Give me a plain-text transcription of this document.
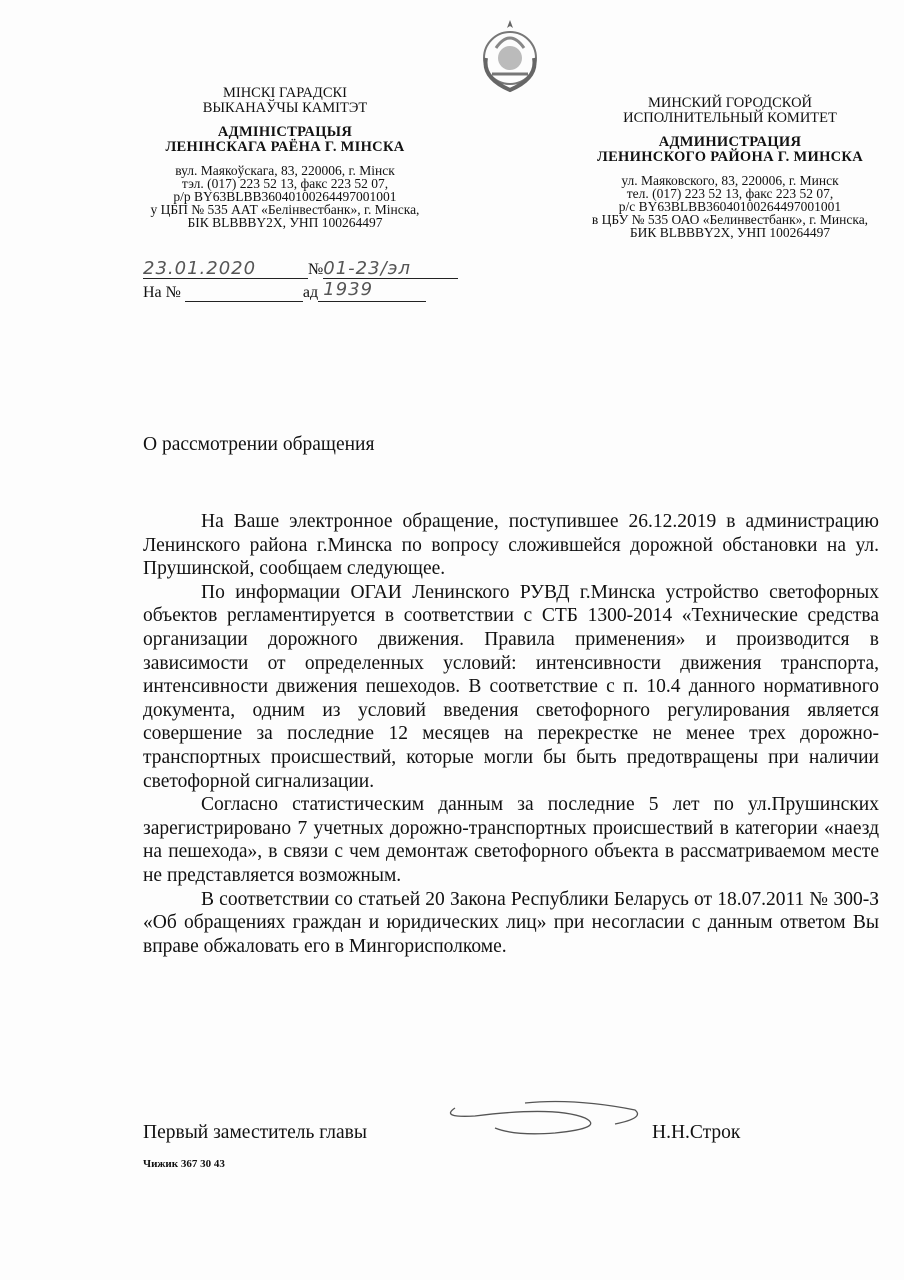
МІНСКІ ГАРАДСКІ
ВЫКАНАЎЧЫ КАМІТЭТ
АДМІНІСТРАЦЫЯ
ЛЕНІНСКАГА РАЁНА Г. МІНСКА
вул. Маякоўскага, 83, 220006, г. Мінск
тэл. (017) 223 52 13, факс 223 52 07,
р/р BY63BLBB36040100264497001001
у ЦБП № 535 ААТ «Белінвестбанк», г. Мінска,
БІК BLBBBY2X, УНП 100264497
МИНСКИЙ ГОРОДСКОЙ
ИСПОЛНИТЕЛЬНЫЙ КОМИТЕТ
АДМИНИСТРАЦИЯ
ЛЕНИНСКОГО РАЙОНА Г. МИНСКА
ул. Маяковского, 83, 220006, г. Минск
тел. (017) 223 52 13, факс 223 52 07,
р/с BY63BLBB36040100264497001001
в ЦБУ № 535 ОАО «Белинвестбанк», г. Минска,
БИК BLBBBY2X, УНП 100264497
23.01.2020	№01-23/эл 1939
На №	ад
О рассмотрении обращения

На Ваше электронное обращение, поступившее 26.12.2019 в администрацию Ленинского района г.Минска по вопросу сложившейся дорожной обстановки на ул. Прушинской, сообщаем следующее.

По информации ОГАИ Ленинского РУВД г.Минска устройство светофорных объектов регламентируется в соответствии с СТБ 1300-2014 «Технические средства организации дорожного движения. Правила применения» и производится в зависимости от определенных условий: интенсивности движения транспорта, интенсивности движения пешеходов. В соответствие с п. 10.4 данного нормативного документа, одним из условий введения светофорного регулирования является совершение за последние 12 месяцев на перекрестке не менее трех дорожно-транспортных происшествий, которые могли бы быть предотвращены при наличии светофорной сигнализации.

Согласно статистическим данным за последние 5 лет по ул.Прушинских зарегистрировано 7 учетных дорожно-транспортных происшествий в категории «наезд на пешехода», в связи с чем демонтаж светофорного объекта в рассматриваемом месте не представляется возможным.

В соответствии со статьей 20 Закона Республики Беларусь от 18.07.2011 № 300-З «Об обращениях граждан и юридических лиц» при несогласии с данным ответом Вы вправе обжаловать его в Мингорисполкоме.

Первый заместитель главы	Н.Н.Строк
Чижик 367 30 43
